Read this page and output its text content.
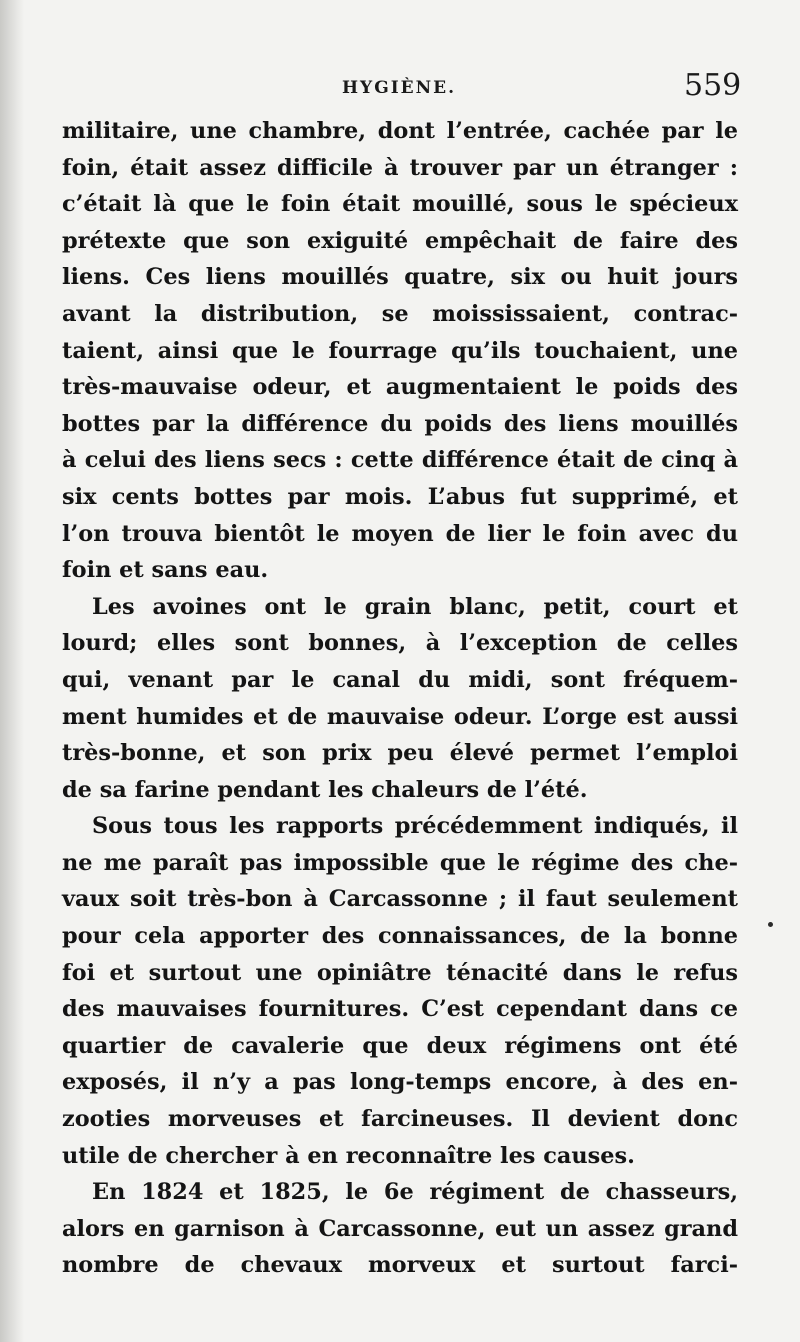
HYGIÈNE.	559
militaire, une chambre, dont l’entrée, cachée par le
foin, était assez difficile à trouver par un étranger :
c’était là que le foin était mouillé, sous le spécieux
prétexte que son exiguité empêchait de faire des
liens. Ces liens mouillés quatre, six ou huit jours
avant la distribution, se moississaient, contrac-
taient, ainsi que le fourrage qu’ils touchaient, une
très-mauvaise odeur, et augmentaient le poids des
bottes par la différence du poids des liens mouillés
à celui des liens secs : cette différence était de cinq à
six cents bottes par mois. L’abus fut supprimé, et
l’on trouva bientôt le moyen de lier le foin avec du
foin et sans eau.
Les avoines ont le grain blanc, petit, court et
lourd; elles sont bonnes, à l’exception de celles
qui, venant par le canal du midi, sont fréquem-
ment humides et de mauvaise odeur. L’orge est aussi
très-bonne, et son prix peu élevé permet l’emploi
de sa farine pendant les chaleurs de l’été.
Sous tous les rapports précédemment indiqués, il
ne me paraît pas impossible que le régime des che-
vaux soit très-bon à Carcassonne ; il faut seulement
pour cela apporter des connaissances, de la bonne
foi et surtout une opiniâtre ténacité dans le refus
des mauvaises fournitures. C’est cependant dans ce
quartier de cavalerie que deux régimens ont été
exposés, il n’y a pas long-temps encore, à des en-
zooties morveuses et farcineuses. Il devient donc
utile de chercher à en reconnaître les causes.
En 1824 et 1825, le 6e régiment de chasseurs,
alors en garnison à Carcassonne, eut un assez grand
nombre de chevaux morveux et surtout farci-
